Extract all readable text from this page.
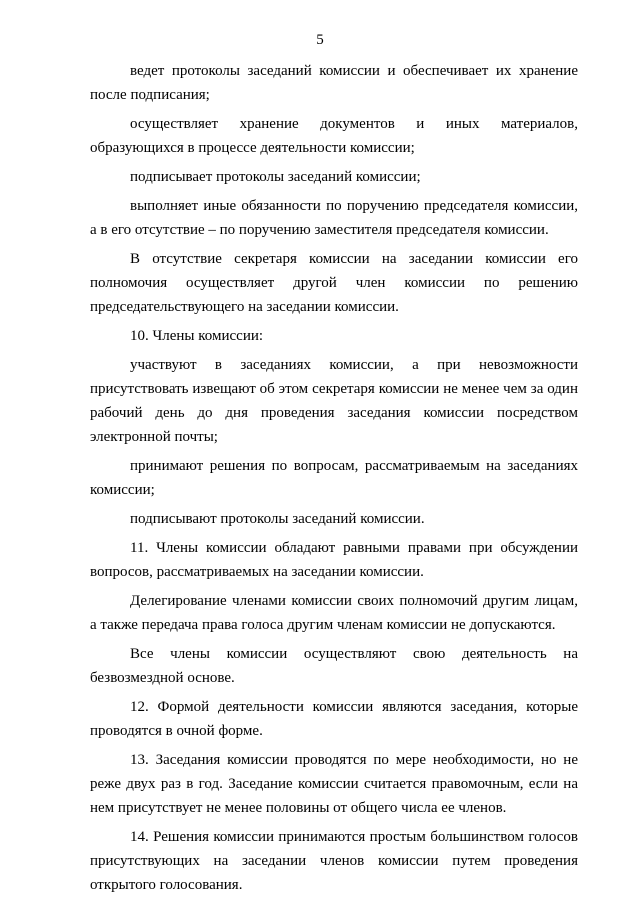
5

ведет протоколы заседаний комиссии и обеспечивает их хранение после подписания;

осуществляет хранение документов и иных материалов, образующихся в процессе деятельности комиссии;

подписывает протоколы заседаний комиссии;

выполняет иные обязанности по поручению председателя комиссии, а в его отсутствие – по поручению заместителя председателя комиссии.

В отсутствие секретаря комиссии на заседании комиссии его полномочия осуществляет другой член комиссии по решению председательствующего на заседании комиссии.

10. Члены комиссии:

участвуют в заседаниях комиссии, а при невозможности присутствовать извещают об этом секретаря комиссии не менее чем за один рабочий день до дня проведения заседания комиссии посредством электронной почты;

принимают решения по вопросам, рассматриваемым на заседаниях комиссии;

подписывают протоколы заседаний комиссии.

11. Члены комиссии обладают равными правами при обсуждении вопросов, рассматриваемых на заседании комиссии.

Делегирование членами комиссии своих полномочий другим лицам, а также передача права голоса другим членам комиссии не допускаются.

Все члены комиссии осуществляют свою деятельность на безвозмездной основе.

12. Формой деятельности комиссии являются заседания, которые проводятся в очной форме.

13. Заседания комиссии проводятся по мере необходимости, но не реже двух раз в год. Заседание комиссии считается правомочным, если на нем присутствует не менее половины от общего числа ее членов.

14. Решения комиссии принимаются простым большинством голосов присутствующих на заседании членов комиссии путем проведения открытого голосования.
